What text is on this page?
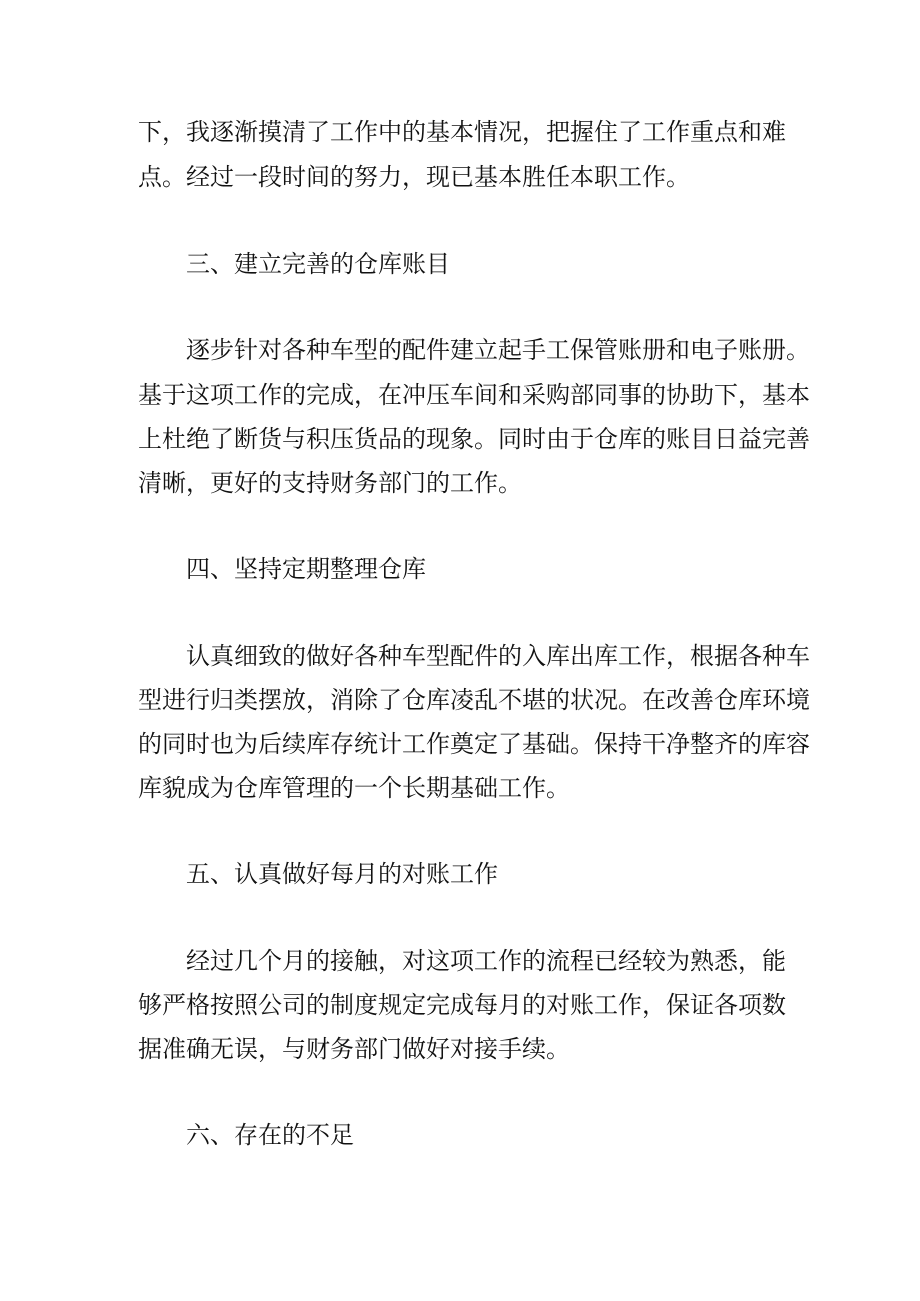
下，我逐渐摸清了工作中的基本情况，把握住了工作重点和难

点。经过一段时间的努力，现已基本胜任本职工作。

三、建立完善的仓库账目

逐步针对各种车型的配件建立起手工保管账册和电子账册。

基于这项工作的完成，在冲压车间和采购部同事的协助下，基本

上杜绝了断货与积压货品的现象。同时由于仓库的账目日益完善

清晰，更好的支持财务部门的工作。

四、坚持定期整理仓库

认真细致的做好各种车型配件的入库出库工作，根据各种车

型进行归类摆放，消除了仓库凌乱不堪的状况。在改善仓库环境

的同时也为后续库存统计工作奠定了基础。保持干净整齐的库容

库貌成为仓库管理的一个长期基础工作。

五、认真做好每月的对账工作

经过几个月的接触，对这项工作的流程已经较为熟悉，能

够严格按照公司的制度规定完成每月的对账工作，保证各项数

据准确无误，与财务部门做好对接手续。

六、存在的不足
